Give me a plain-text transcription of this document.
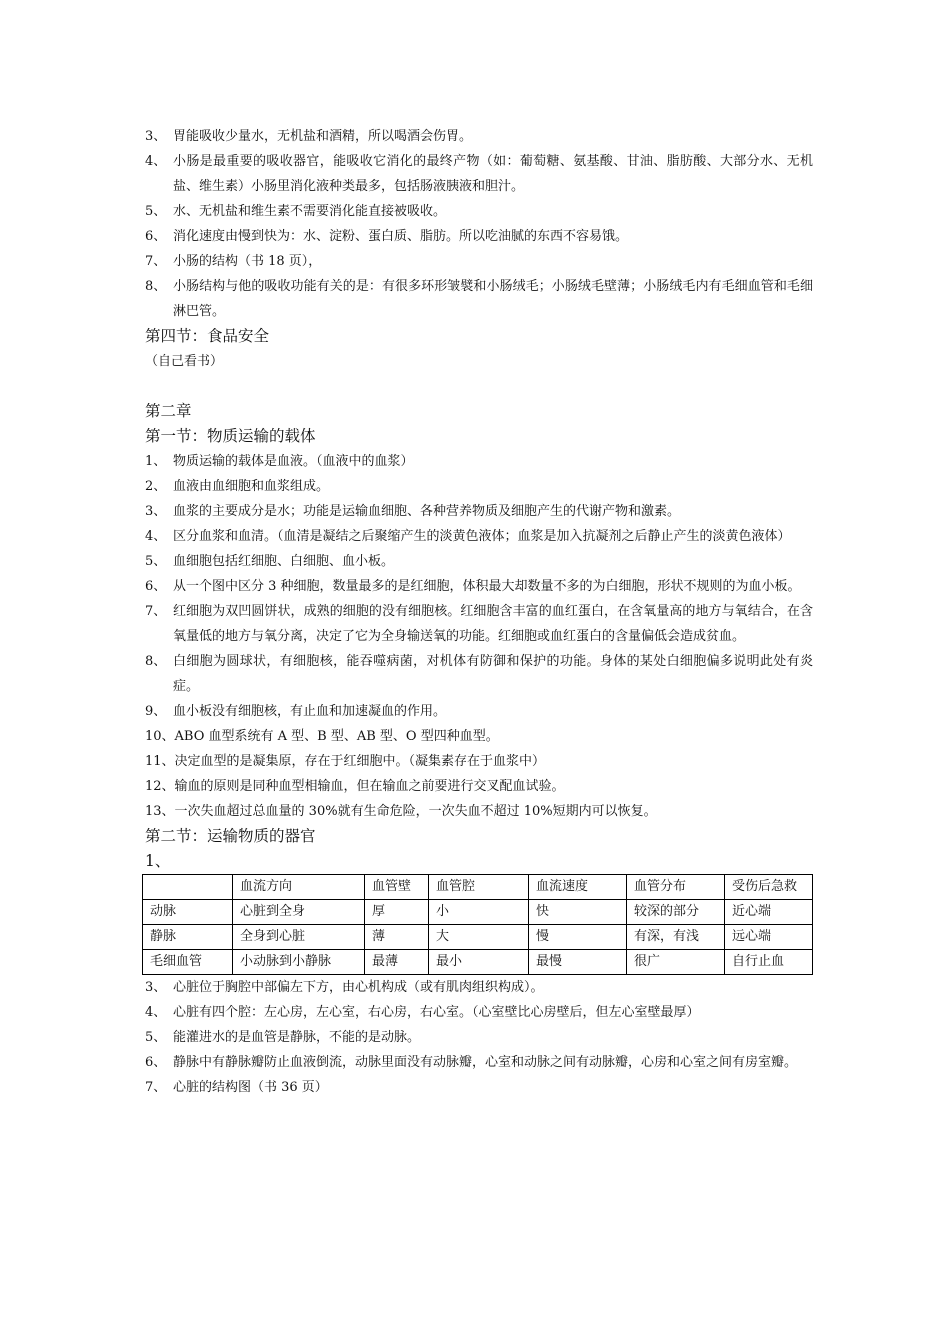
3、 胃能吸收少量水，无机盐和酒精，所以喝酒会伤胃。
4、 小肠是最重要的吸收器官，能吸收它消化的最终产物（如：葡萄糖、氨基酸、甘油、脂肪酸、大部分水、无机盐、维生素）小肠里消化液种类最多，包括肠液胰液和胆汁。
5、 水、无机盐和维生素不需要消化能直接被吸收。
6、 消化速度由慢到快为：水、淀粉、蛋白质、脂肪。所以吃油腻的东西不容易饿。
7、 小肠的结构（书 18 页），
8、 小肠结构与他的吸收功能有关的是：有很多环形皱襞和小肠绒毛；小肠绒毛壁薄；小肠绒毛内有毛细血管和毛细淋巴管。
第四节：食品安全
（自己看书）
第二章
第一节：物质运输的载体
1、 物质运输的载体是血液。（血液中的血浆）
2、 血液由血细胞和血浆组成。
3、 血浆的主要成分是水；功能是运输血细胞、各种营养物质及细胞产生的代谢产物和激素。
4、 区分血浆和血清。（血清是凝结之后聚缩产生的淡黄色液体；血浆是加入抗凝剂之后静止产生的淡黄色液体）
5、 血细胞包括红细胞、白细胞、血小板。
6、 从一个图中区分 3 种细胞，数量最多的是红细胞，体积最大却数量不多的为白细胞，形状不规则的为血小板。
7、 红细胞为双凹圆饼状，成熟的细胞的没有细胞核。红细胞含丰富的血红蛋白，在含氧量高的地方与氧结合，在含氧量低的地方与氧分离，决定了它为全身输送氧的功能。红细胞或血红蛋白的含量偏低会造成贫血。
8、 白细胞为圆球状，有细胞核，能吞噬病菌，对机体有防御和保护的功能。身体的某处白细胞偏多说明此处有炎症。
9、 血小板没有细胞核，有止血和加速凝血的作用。
10、 ABO 血型系统有 A 型、B 型、AB 型、O 型四种血型。
11、 决定血型的是凝集原，存在于红细胞中。（凝集素存在于血浆中）
12、 输血的原则是同种血型相输血，但在输血之前要进行交叉配血试验。
13、 一次失血超过总血量的 30%就有生命危险，一次失血不超过 10%短期内可以恢复。
第二节：运输物质的器官
1、
	血流方向	血管壁	血管腔	血流速度	血管分布	受伤后急救
动脉	心脏到全身	厚	小	快	较深的部分	近心端
静脉	全身到心脏	薄	大	慢	有深，有浅	远心端
毛细血管	小动脉到小静脉	最薄	最小	最慢	很广	自行止血
3、 心脏位于胸腔中部偏左下方，由心机构成（或有肌肉组织构成）。
4、 心脏有四个腔：左心房，左心室，右心房，右心室。（心室壁比心房壁后，但左心室壁最厚）
5、 能灌进水的是血管是静脉，不能的是动脉。
6、 静脉中有静脉瓣防止血液倒流，动脉里面没有动脉瓣，心室和动脉之间有动脉瓣，心房和心室之间有房室瓣。
7、 心脏的结构图（书 36 页）
